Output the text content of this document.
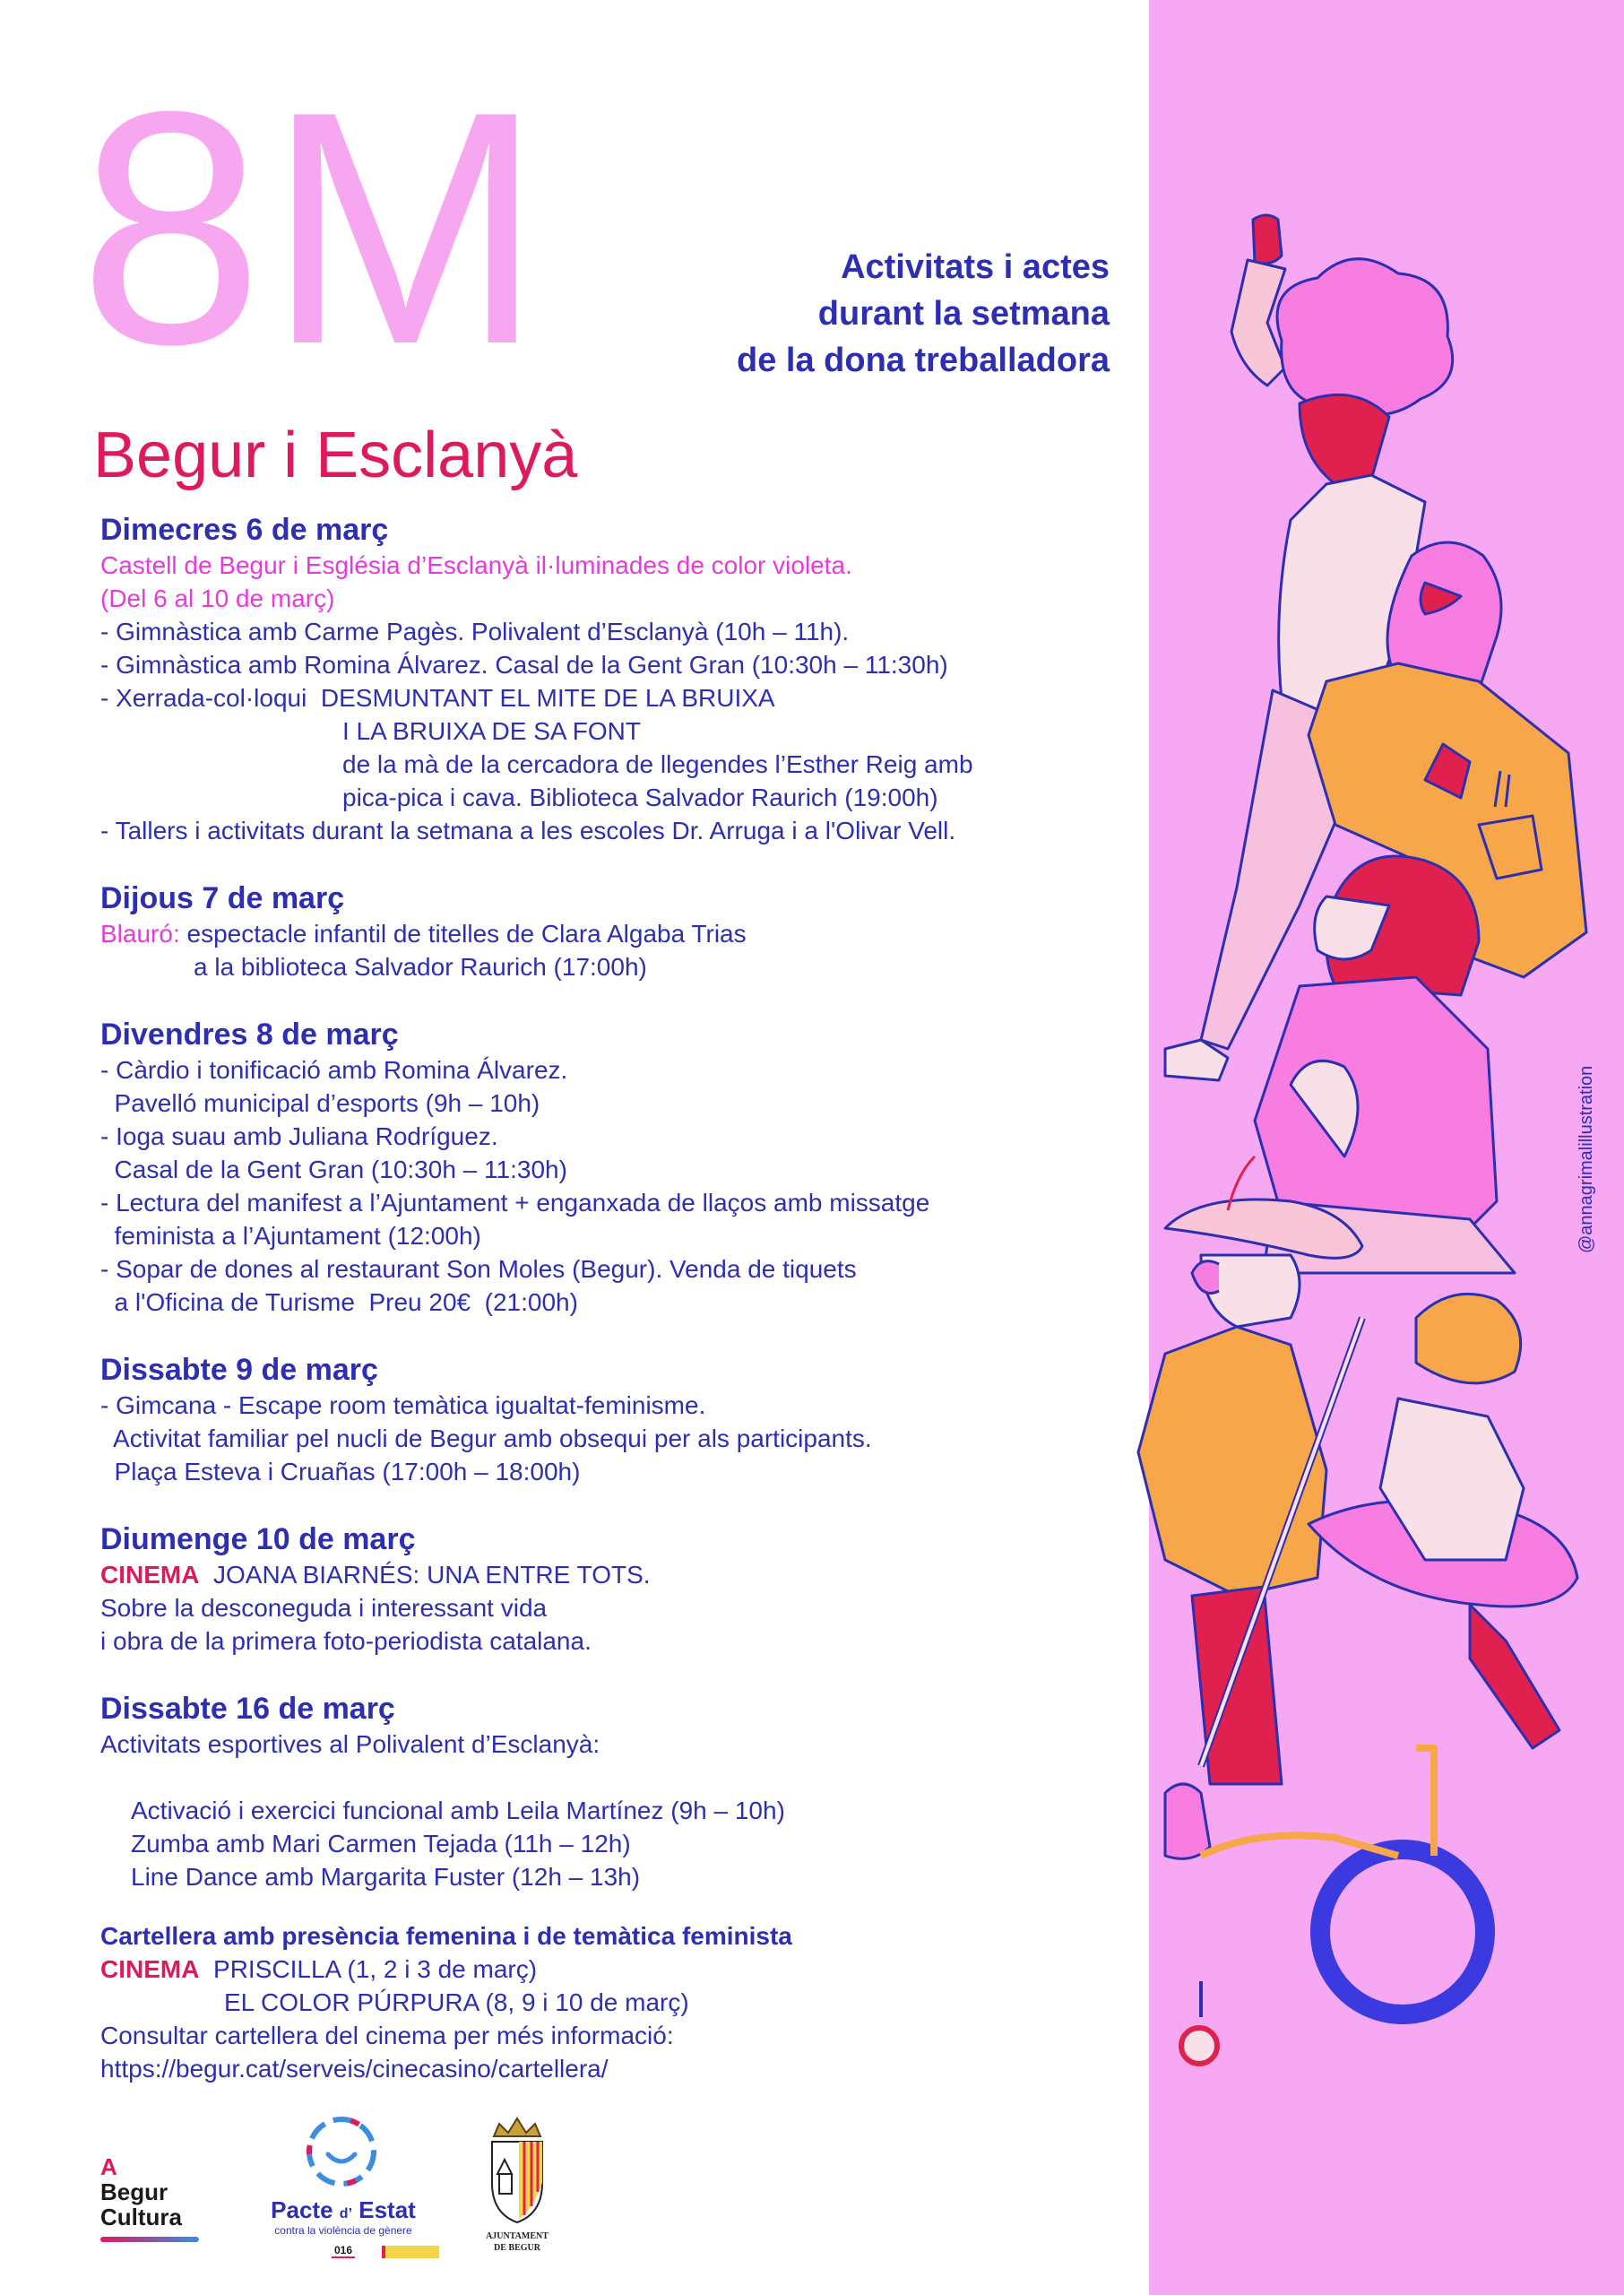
8M	Activitats i actes
durant la setmana
de la dona treballadora
Begur i Esclanyà
Dimecres 6 de març
Castell de Begur i Església d’Esclanyà il·luminades de color violeta.
(Del 6 al 10 de març)
- Gimnàstica amb Carme Pagès. Polivalent d’Esclanyà (10h – 11h).
- Gimnàstica amb Romina Álvarez. Casal de la Gent Gran (10:30h – 11:30h)
- Xerrada-col·loqui  DESMUNTANT EL MITE DE LA BRUIXA
I LA BRUIXA DE SA FONT
de la mà de la cercadora de llegendes l’Esther Reig amb
pica-pica i cava. Biblioteca Salvador Raurich (19:00h)
- Tallers i activitats durant la setmana a les escoles Dr. Arruga i a l'Olivar Vell.
Dijous 7 de març
Blauró: espectacle infantil de titelles de Clara Algaba Trias
a la biblioteca Salvador Raurich (17:00h)
Divendres 8 de març
- Càrdio i tonificació amb Romina Álvarez.
Pavelló municipal d’esports (9h – 10h)
- Ioga suau amb Juliana Rodríguez.
Casal de la Gent Gran (10:30h – 11:30h)
- Lectura del manifest a l’Ajuntament + enganxada de llaços amb missatge
feminista a l’Ajuntament (12:00h)
- Sopar de dones al restaurant Son Moles (Begur). Venda de tiquets
a l'Oficina de Turisme  Preu 20€  (21:00h)
Dissabte 9 de març
- Gimcana - Escape room temàtica igualtat-feminisme.
Activitat familiar pel nucli de Begur amb obsequi per als participants.
Plaça Esteva i Cruañas (17:00h – 18:00h)
Diumenge 10 de març
CINEMA  JOANA BIARNÉS: UNA ENTRE TOTS.
Sobre la desconeguda i interessant vida
i obra de la primera foto-periodista catalana.
Dissabte 16 de març
Activitats esportives al Polivalent d’Esclanyà:

Activació i exercici funcional amb Leila Martínez (9h – 10h)
Zumba amb Mari Carmen Tejada (11h – 12h)
Line Dance amb Margarita Fuster (12h – 13h)
Cartellera amb presència femenina i de temàtica feminista
CINEMA PRISCILLA (1, 2 i 3 de març)
EL COLOR PÚRPURA (8, 9 i 10 de març)
Consultar cartellera del cinema per més informació:
https://begur.cat/serveis/cinecasino/cartellera/
@annagrimalillustration
A
Begur
Cultura	Pacte d’ Estat
contra la violència de gènere
016
AJUNTAMENT
DE BEGUR
